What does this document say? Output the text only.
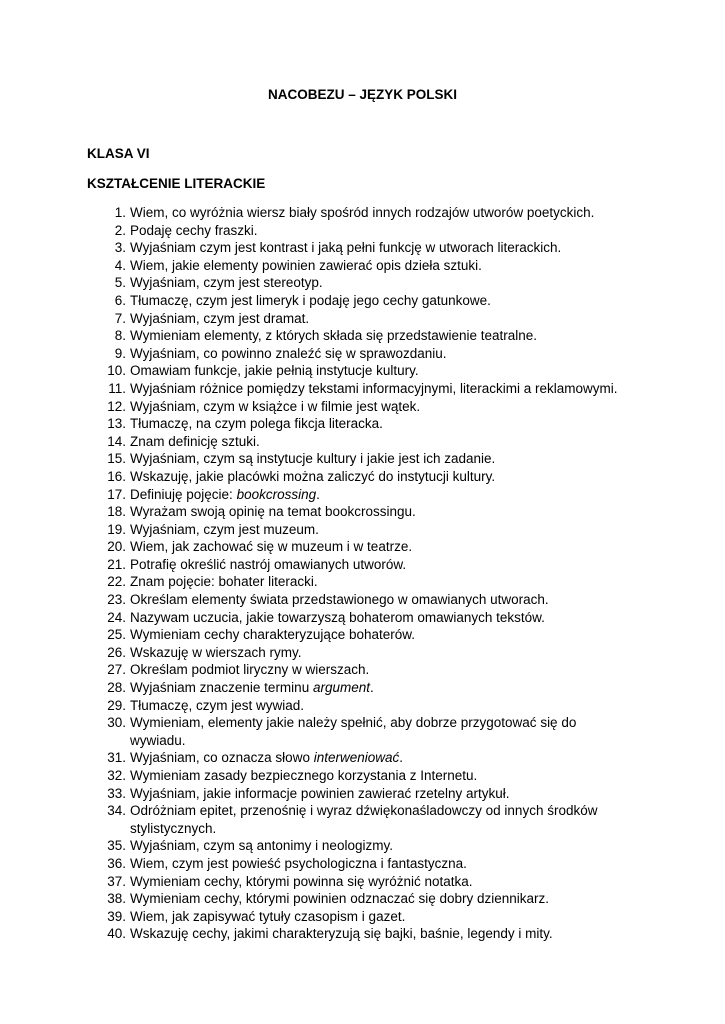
NACOBEZU – JĘZYK POLSKI
KLASA VI
KSZTAŁCENIE LITERACKIE
1. Wiem, co wyróżnia wiersz biały spośród innych rodzajów utworów poetyckich.
2. Podaję cechy fraszki.
3. Wyjaśniam czym jest kontrast i jaką pełni funkcję w utworach literackich.
4. Wiem, jakie elementy powinien zawierać opis dzieła sztuki.
5. Wyjaśniam, czym jest stereotyp.
6. Tłumaczę, czym jest limeryk i podaję jego cechy gatunkowe.
7. Wyjaśniam, czym jest dramat.
8. Wymieniam elementy, z których składa się przedstawienie teatralne.
9. Wyjaśniam, co powinno znaleźć się w sprawozdaniu.
10. Omawiam funkcje, jakie pełnią instytucje kultury.
11. Wyjaśniam różnice pomiędzy tekstami informacyjnymi, literackimi a reklamowymi.
12. Wyjaśniam, czym w książce i w filmie jest wątek.
13. Tłumaczę, na czym polega fikcja literacka.
14. Znam definicję sztuki.
15. Wyjaśniam, czym są instytucje kultury i jakie jest ich zadanie.
16. Wskazuję, jakie placówki można zaliczyć do instytucji kultury.
17. Definiuję pojęcie: bookcrossing.
18. Wyrażam swoją opinię na temat bookcrossingu.
19. Wyjaśniam, czym jest muzeum.
20. Wiem, jak zachować się w muzeum i w teatrze.
21. Potrafię określić nastrój omawianych utworów.
22. Znam pojęcie: bohater literacki.
23. Określam elementy świata przedstawionego w omawianych utworach.
24. Nazywam uczucia, jakie towarzyszą bohaterom omawianych tekstów.
25. Wymieniam cechy charakteryzujące bohaterów.
26. Wskazuję w wierszach rymy.
27. Określam podmiot liryczny w wierszach.
28. Wyjaśniam znaczenie terminu argument.
29. Tłumaczę, czym jest wywiad.
30. Wymieniam, elementy jakie należy spełnić, aby dobrze przygotować się do wywiadu.
31. Wyjaśniam, co oznacza słowo interweniować.
32. Wymieniam zasady bezpiecznego korzystania z Internetu.
33. Wyjaśniam, jakie informacje powinien zawierać rzetelny artykuł.
34. Odróżniam epitet, przenośnię i wyraz dźwiękonaśladowczy od innych środków stylistycznych.
35. Wyjaśniam, czym są antonimy i neologizmy.
36. Wiem, czym jest powieść psychologiczna i fantastyczna.
37. Wymieniam cechy, którymi powinna się wyróżnić notatka.
38. Wymieniam cechy, którymi powinien odznaczać się dobry dziennikarz.
39. Wiem, jak zapisywać tytuły czasopism i gazet.
40. Wskazuję cechy, jakimi charakteryzują się bajki, baśnie, legendy i mity.
